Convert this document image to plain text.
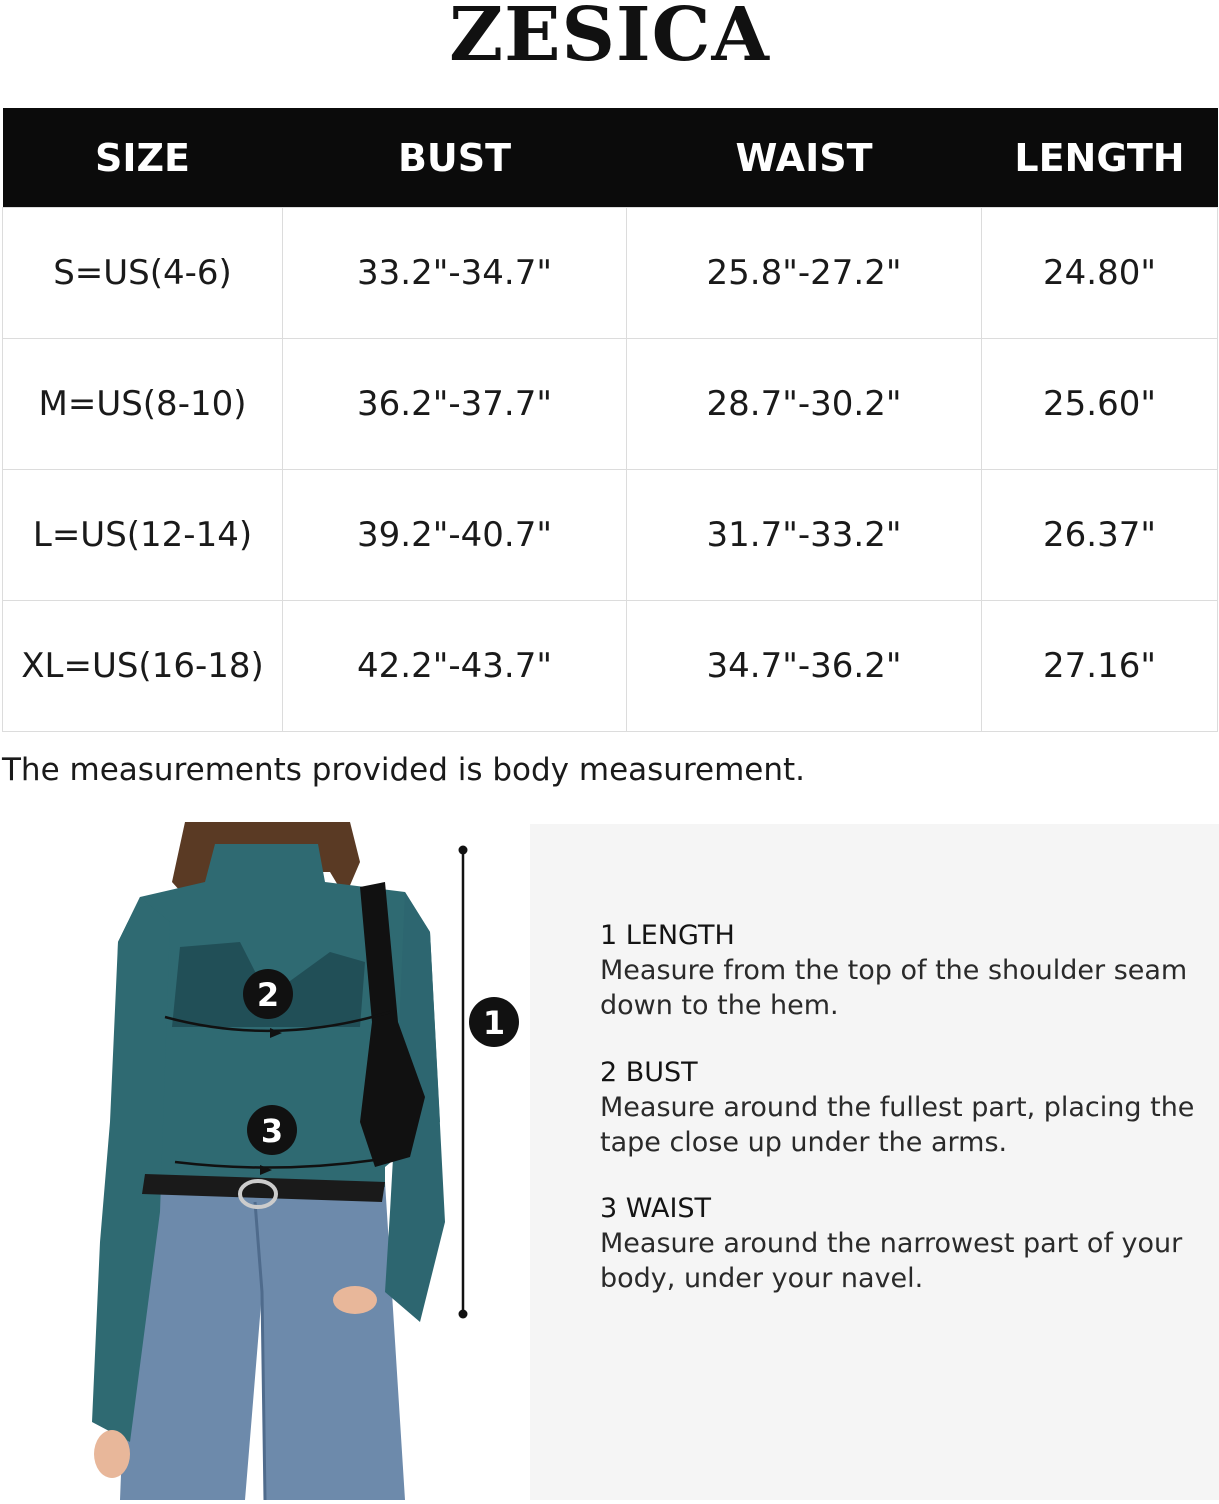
ZESICA
SIZE	BUST	WAIST	LENGTH
S=US(4-6)	33.2"-34.7"	25.8"-27.2"	24.80"
M=US(8-10)	36.2"-37.7"	28.7"-30.2"	25.60"
L=US(12-14)	39.2"-40.7"	31.7"-33.2"	26.37"
XL=US(16-18)	42.2"-43.7"	34.7"-36.2"	27.16"
The measurements provided is body measurement.
1
2
3
1 LENGTH
Measure from the top of the shoulder seam down to the hem.
2 BUST
Measure around the fullest part, placing the tape close up under the arms.
3 WAIST
Measure around the narrowest part of your body, under your navel.
